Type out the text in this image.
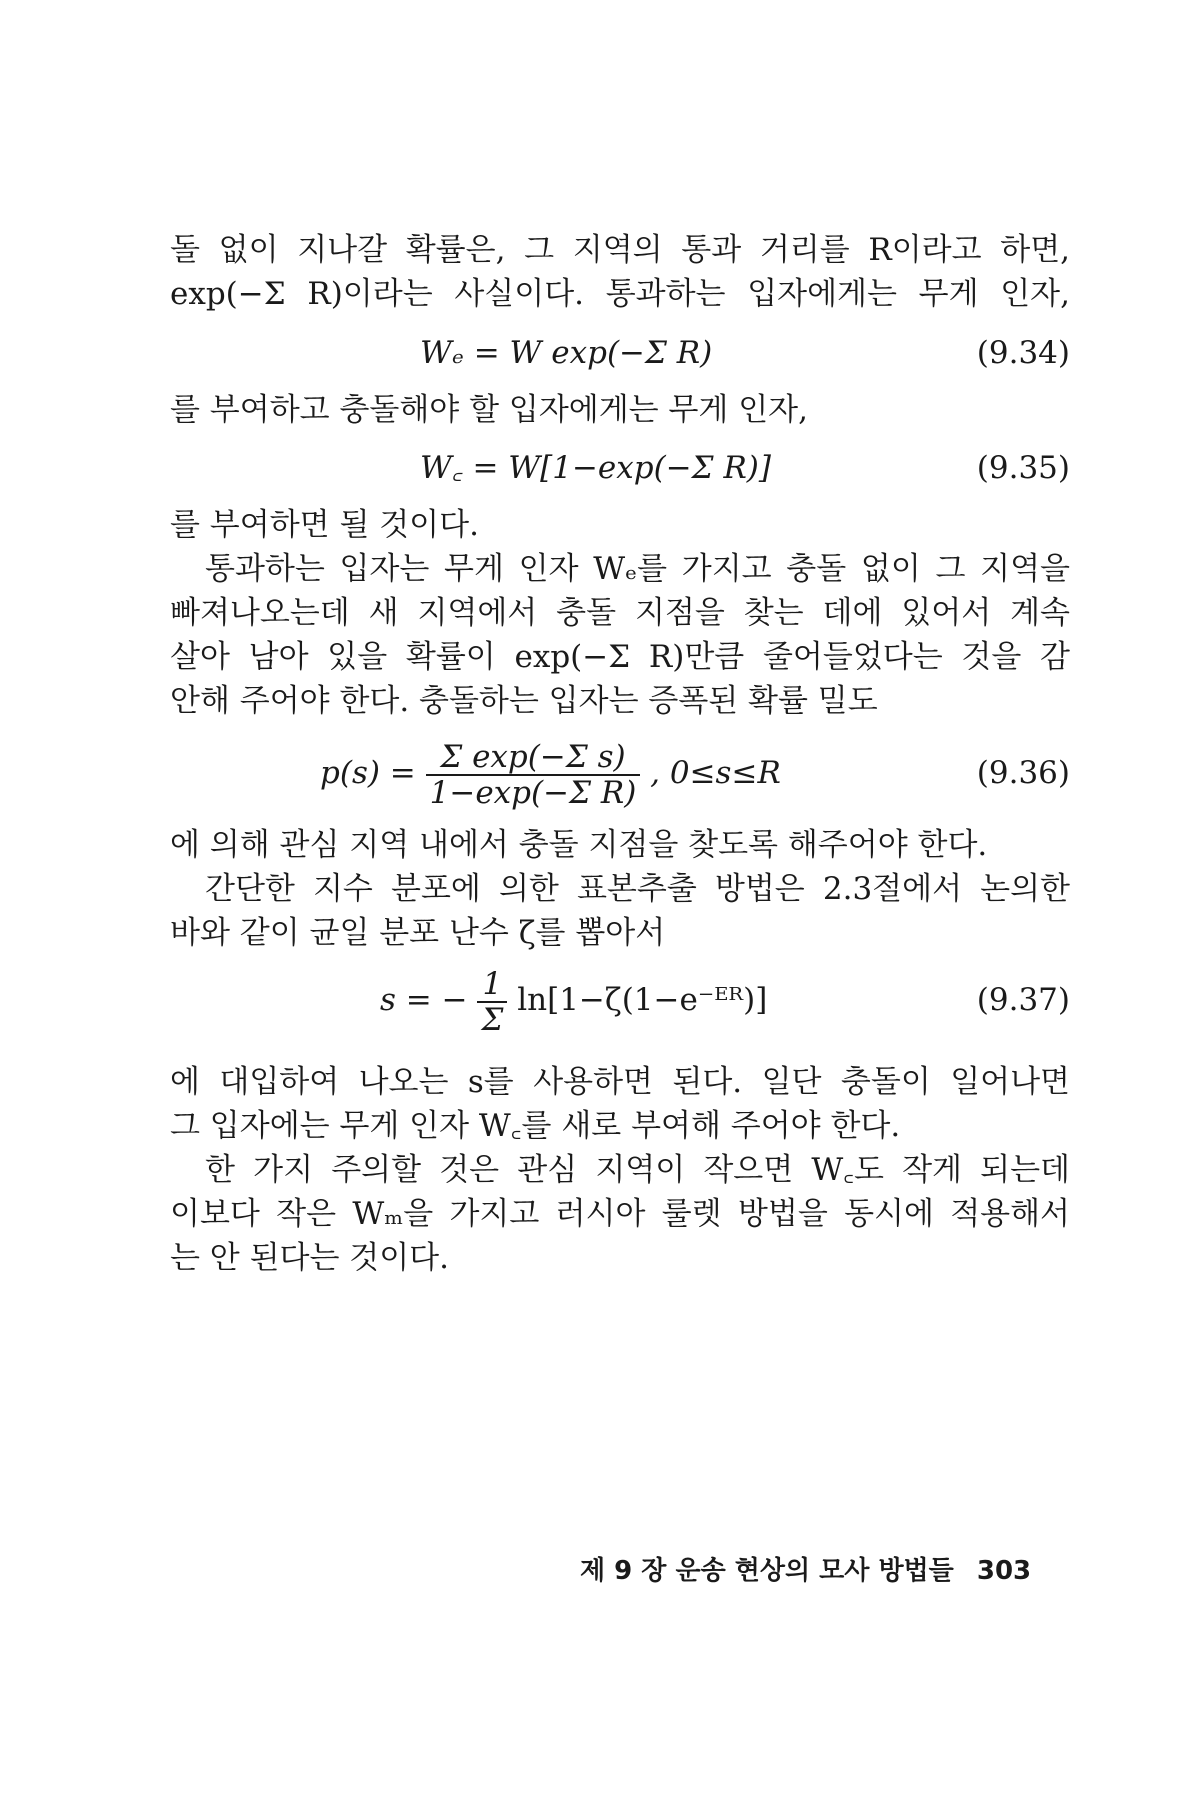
돌 없이 지나갈 확률은, 그 지역의 통과 거리를 R이라고 하면,
exp(−Σ R)이라는 사실이다. 통과하는 입자에게는 무게 인자,
Wₑ = W exp(−Σ R)	(9.34)
를 부여하고 충돌해야 할 입자에게는 무게 인자,
W꜀ = W[1−exp(−Σ R)]	(9.35)
를 부여하면 될 것이다.
통과하는 입자는 무게 인자 Wₑ를 가지고 충돌 없이 그 지역을
빠져나오는데 새 지역에서 충돌 지점을 찾는 데에 있어서 계속
살아 남아 있을 확률이 exp(−Σ R)만큼 줄어들었다는 것을 감
안해 주어야 한다. 충돌하는 입자는 증폭된 확률 밀도
$p(s) = \frac{\text{Σ exp(−Σ s)}}{\text{1−exp(−Σ R)}}$ , 0≤s≤R	(9.36)
에 의해 관심 지역 내에서 충돌 지점을 찾도록 해주어야 한다.
간단한 지수 분포에 의한 표본추출 방법은 2.3절에서 논의한
바와 같이 균일 분포 난수 ζ를 뽑아서
s = − $\frac{1}{\Sigma}$ ln[1−ζ(1−e⁻ᴱᴿ)]	(9.37)
에 대입하여 나오는 s를 사용하면 된다. 일단 충돌이 일어나면
그 입자에는 무게 인자 W꜀를 새로 부여해 주어야 한다.
한 가지 주의할 것은 관심 지역이 작으면 W꜀도 작게 되는데
이보다 작은 Wₘ을 가지고 러시아 룰렛 방법을 동시에 적용해서
는 안 된다는 것이다.
제 9 장 운송 현상의 모사 방법들 303
